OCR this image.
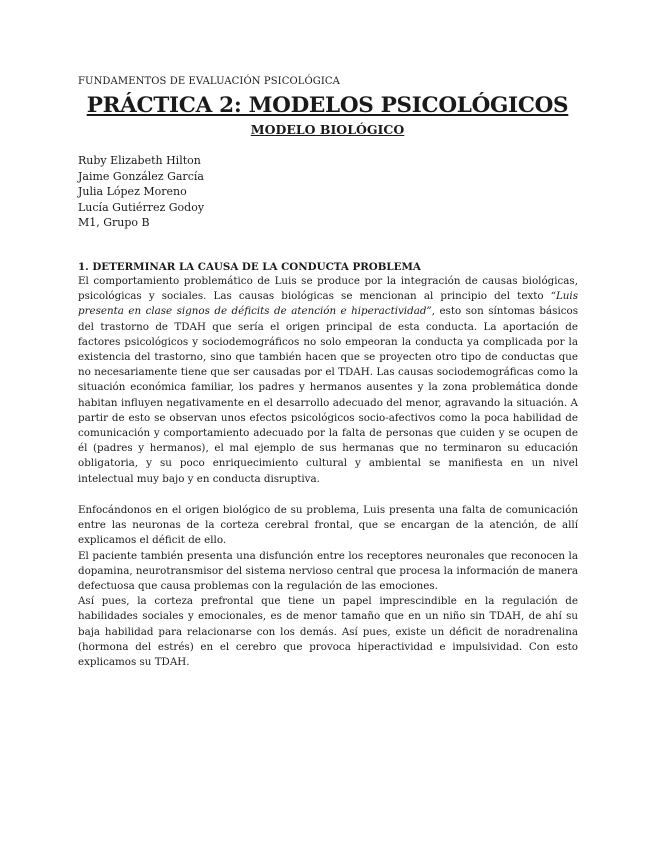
FUNDAMENTOS DE EVALUACIÓN PSICOLÓGICA
PRÁCTICA 2: MODELOS PSICOLÓGICOS
MODELO BIOLÓGICO
Ruby Elizabeth Hilton
Jaime González García
Julia López Moreno
Lucía Gutiérrez Godoy
M1, Grupo B
1. DETERMINAR LA CAUSA DE LA CONDUCTA PROBLEMA

El comportamiento problemático de Luis se produce por la integración de causas biológicas, psicológicas y sociales. Las causas biológicas se mencionan al principio del texto “Luis presenta en clase signos de déficits de atención e hiperactividad”, esto son síntomas básicos del trastorno de TDAH que sería el origen principal de esta conducta. La aportación de factores psicológicos y sociodemográficos no solo empeoran la conducta ya complicada por la existencia del trastorno, sino que también hacen que se proyecten otro tipo de conductas que no necesariamente tiene que ser causadas por el TDAH. Las causas sociodemográficas como la situación económica familiar, los padres y hermanos ausentes y la zona problemática donde habitan influyen negativamente en el desarrollo adecuado del menor, agravando la situación. A partir de esto se observan unos efectos psicológicos socio-afectivos como la poca habilidad de comunicación y comportamiento adecuado por la falta de personas que cuiden y se ocupen de él (padres y hermanos), el mal ejemplo de sus hermanas que no terminaron su educación obligatoria, y su poco enriquecimiento cultural y ambiental se manifiesta en un nivel intelectual muy bajo y en conducta disruptiva.

Enfocándonos en el origen biológico de su problema, Luis presenta una falta de comunicación entre las neuronas de la corteza cerebral frontal, que se encargan de la atención, de allí explicamos el déficit de ello.

El paciente también presenta una disfunción entre los receptores neuronales que reconocen la dopamina, neurotransmisor del sistema nervioso central que procesa la información de manera defectuosa que causa problemas con la regulación de las emociones.

Así pues, la corteza prefrontal que tiene un papel imprescindible en la regulación de habilidades sociales y emocionales, es de menor tamaño que en un niño sin TDAH, de ahí su baja habilidad para relacionarse con los demás. Así pues, existe un déficit de noradrenalina (hormona del estrés) en el cerebro que provoca hiperactividad e impulsividad. Con esto explicamos su TDAH.
